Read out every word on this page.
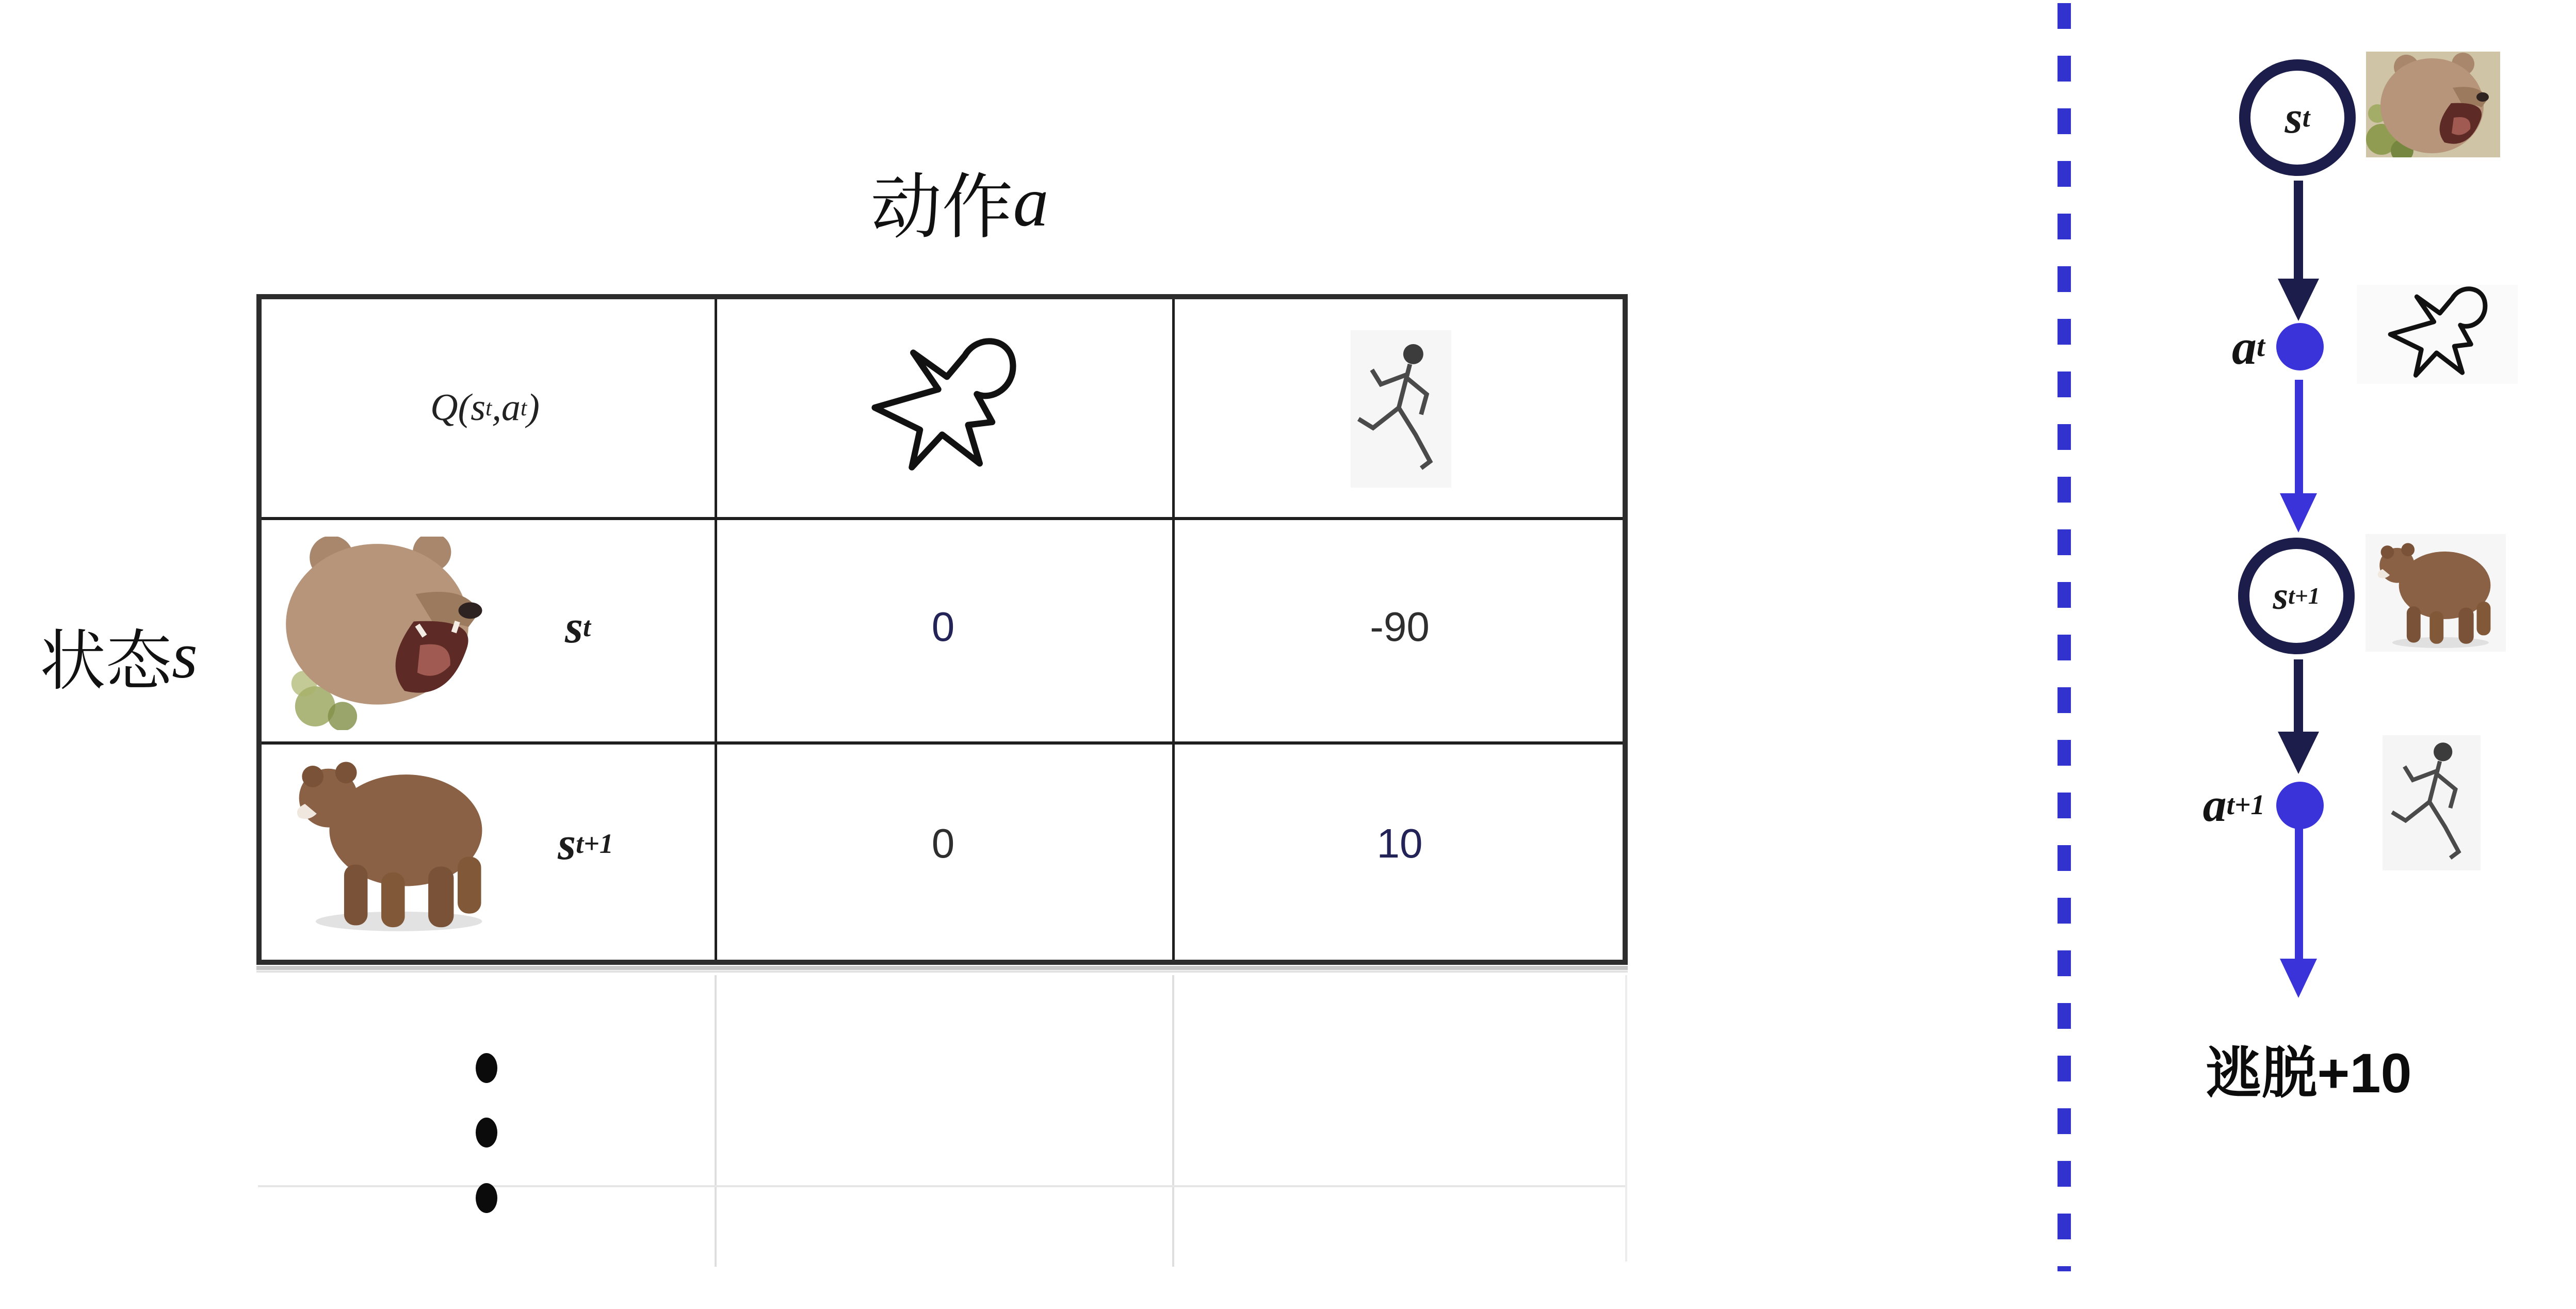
动作 a
状态 s
Q(s t ,a t )
s t	0	-90
s t+1	0	10
s t
a t
s t+1
a t+1
逃脱+10
